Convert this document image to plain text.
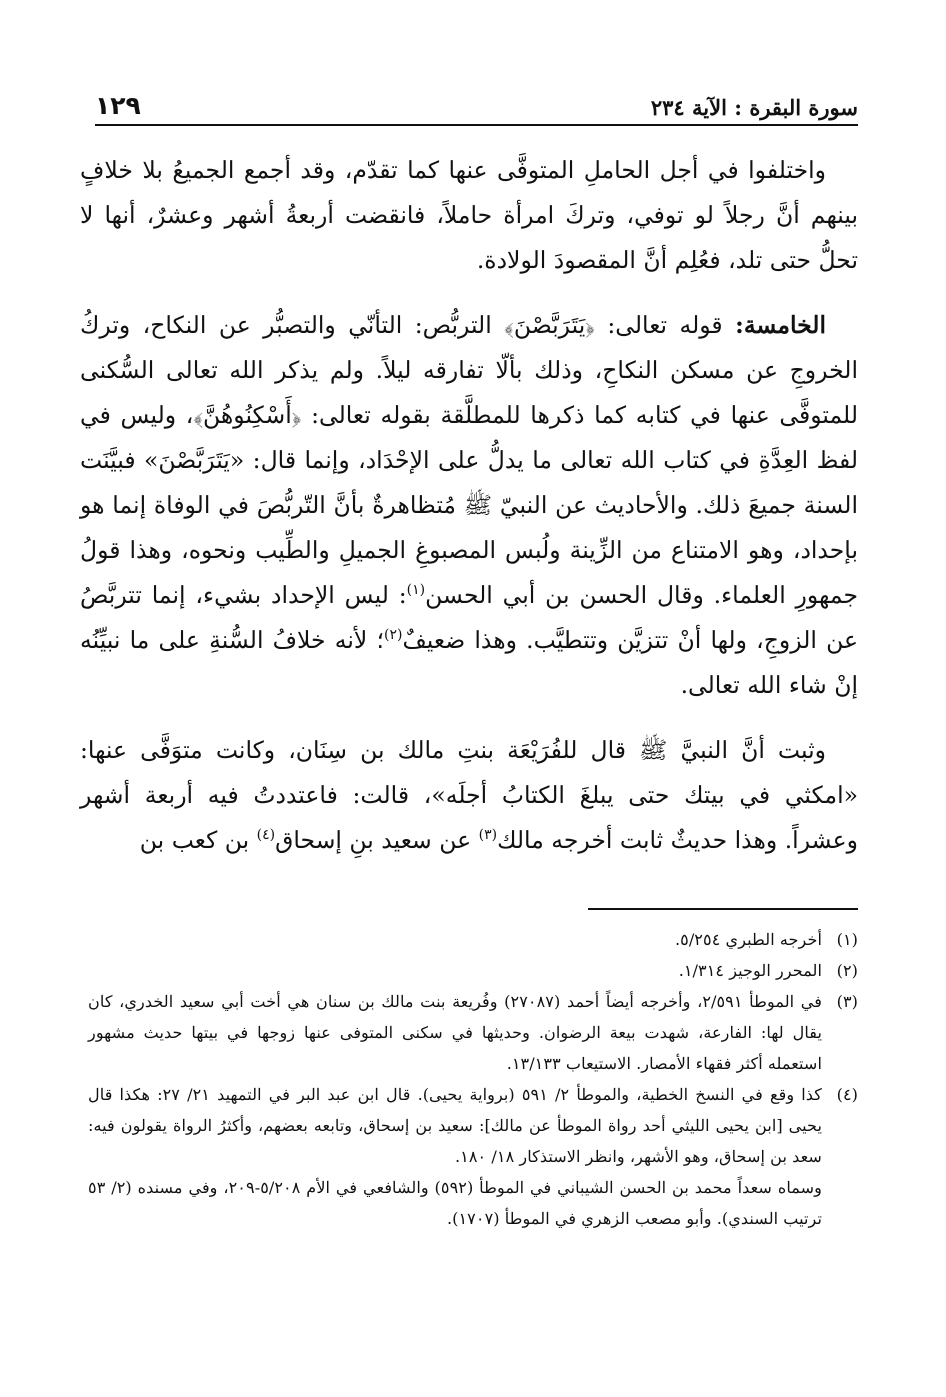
سورة البقرة : الآية ٢٣٤
١٢٩

واختلفوا في أجل الحاملِ المتوفَّى عنها كما تقدّم، وقد أجمع الجميعُ بلا خلافٍ بينهم أنَّ رجلاً لو توفي، وتركَ امرأة حاملاً، فانقضت أربعةُ أشهر وعشرٌ، أنها لا تحلُّ حتى تلد، فعُلِم أنَّ المقصودَ الولادة.

الخامسة: قوله تعالى: ﴿يَتَرَبَّصْنَ﴾ التربُّص: التأنّي والتصبُّر عن النكاح، وتركُ الخروجِ عن مسكن النكاحِ، وذلك بألّا تفارقه ليلاً. ولم يذكر الله تعالى السُّكنى للمتوفَّى عنها في كتابه كما ذكرها للمطلَّقة بقوله تعالى: ﴿أَسْكِنُوهُنَّ﴾، وليس في لفظ العِدَّةِ في كتاب الله تعالى ما يدلُّ على الإحْدَاد، وإنما قال: «يَتَرَبَّصْنَ» فبيَّنَت السنة جميعَ ذلك. والأحاديث عن النبيّ ﷺ مُتظاهرةٌ بأنَّ التّربُّصَ في الوفاة إنما هو بإحداد، وهو الامتناع من الزِّينة ولُبس المصبوغِ الجميلِ والطِّيب ونحوه، وهذا قولُ جمهورِ العلماء. وقال الحسن بن أبي الحسن$^{(١)}$: ليس الإحداد بشيء، إنما تتربَّصُ عن الزوجِ، ولها أنْ تتزيَّن وتتطيَّب. وهذا ضعيفٌ$^{(٢)}$؛ لأنه خلافُ السُّنةِ على ما نبيِّنُه إنْ شاء الله تعالى.

وثبت أنَّ النبيَّ ﷺ قال للفُرَيْعَة بنتِ مالك بن سِنَان، وكانت متوَفَّى عنها: «امكثي في بيتك حتى يبلغَ الكتابُ أجلَه»، قالت: فاعتددتُ فيه أربعة أشهر وعشراً. وهذا حديثٌ ثابت أخرجه مالك$^{(٣)}$ عن سعيد بنِ إسحاق$^{(٤)}$ بن كعب بن

(١)
أخرجه الطبري ٥/٢٥٤.
(٢)
المحرر الوجيز ١/٣١٤.
(٣)
في الموطأ ٢/٥٩١، وأخرجه أيضاً أحمد (٢٧٠٨٧) وفُريعة بنت مالك بن سنان هي أخت أبي سعيد الخدري، كان يقال لها: الفارعة، شهدت بيعة الرضوان. وحديثها في سكنى المتوفى عنها زوجها في بيتها حديث مشهور استعمله أكثر فقهاء الأمصار. الاستيعاب ١٣/١٣٣.
(٤)
كذا وقع في النسخ الخطية، والموطأ ٢/ ٥٩١ (برواية يحيى). قال ابن عبد البر في التمهيد ٢١/ ٢٧: هكذا قال يحيى [ابن يحيى الليثي أحد رواة الموطأ عن مالك]: سعيد بن إسحاق، وتابعه بعضهم، وأكثرُ الرواة يقولون فيه: سعد بن إسحاق، وهو الأشهر، وانظر الاستذكار ١٨/ ١٨٠.
وسماه سعداً محمد بن الحسن الشيباني في الموطأ (٥٩٢) والشافعي في الأم ٥/٢٠٨-٢٠٩، وفي مسنده (٢/ ٥٣ ترتيب السندي). وأبو مصعب الزهري في الموطأ (١٧٠٧).
